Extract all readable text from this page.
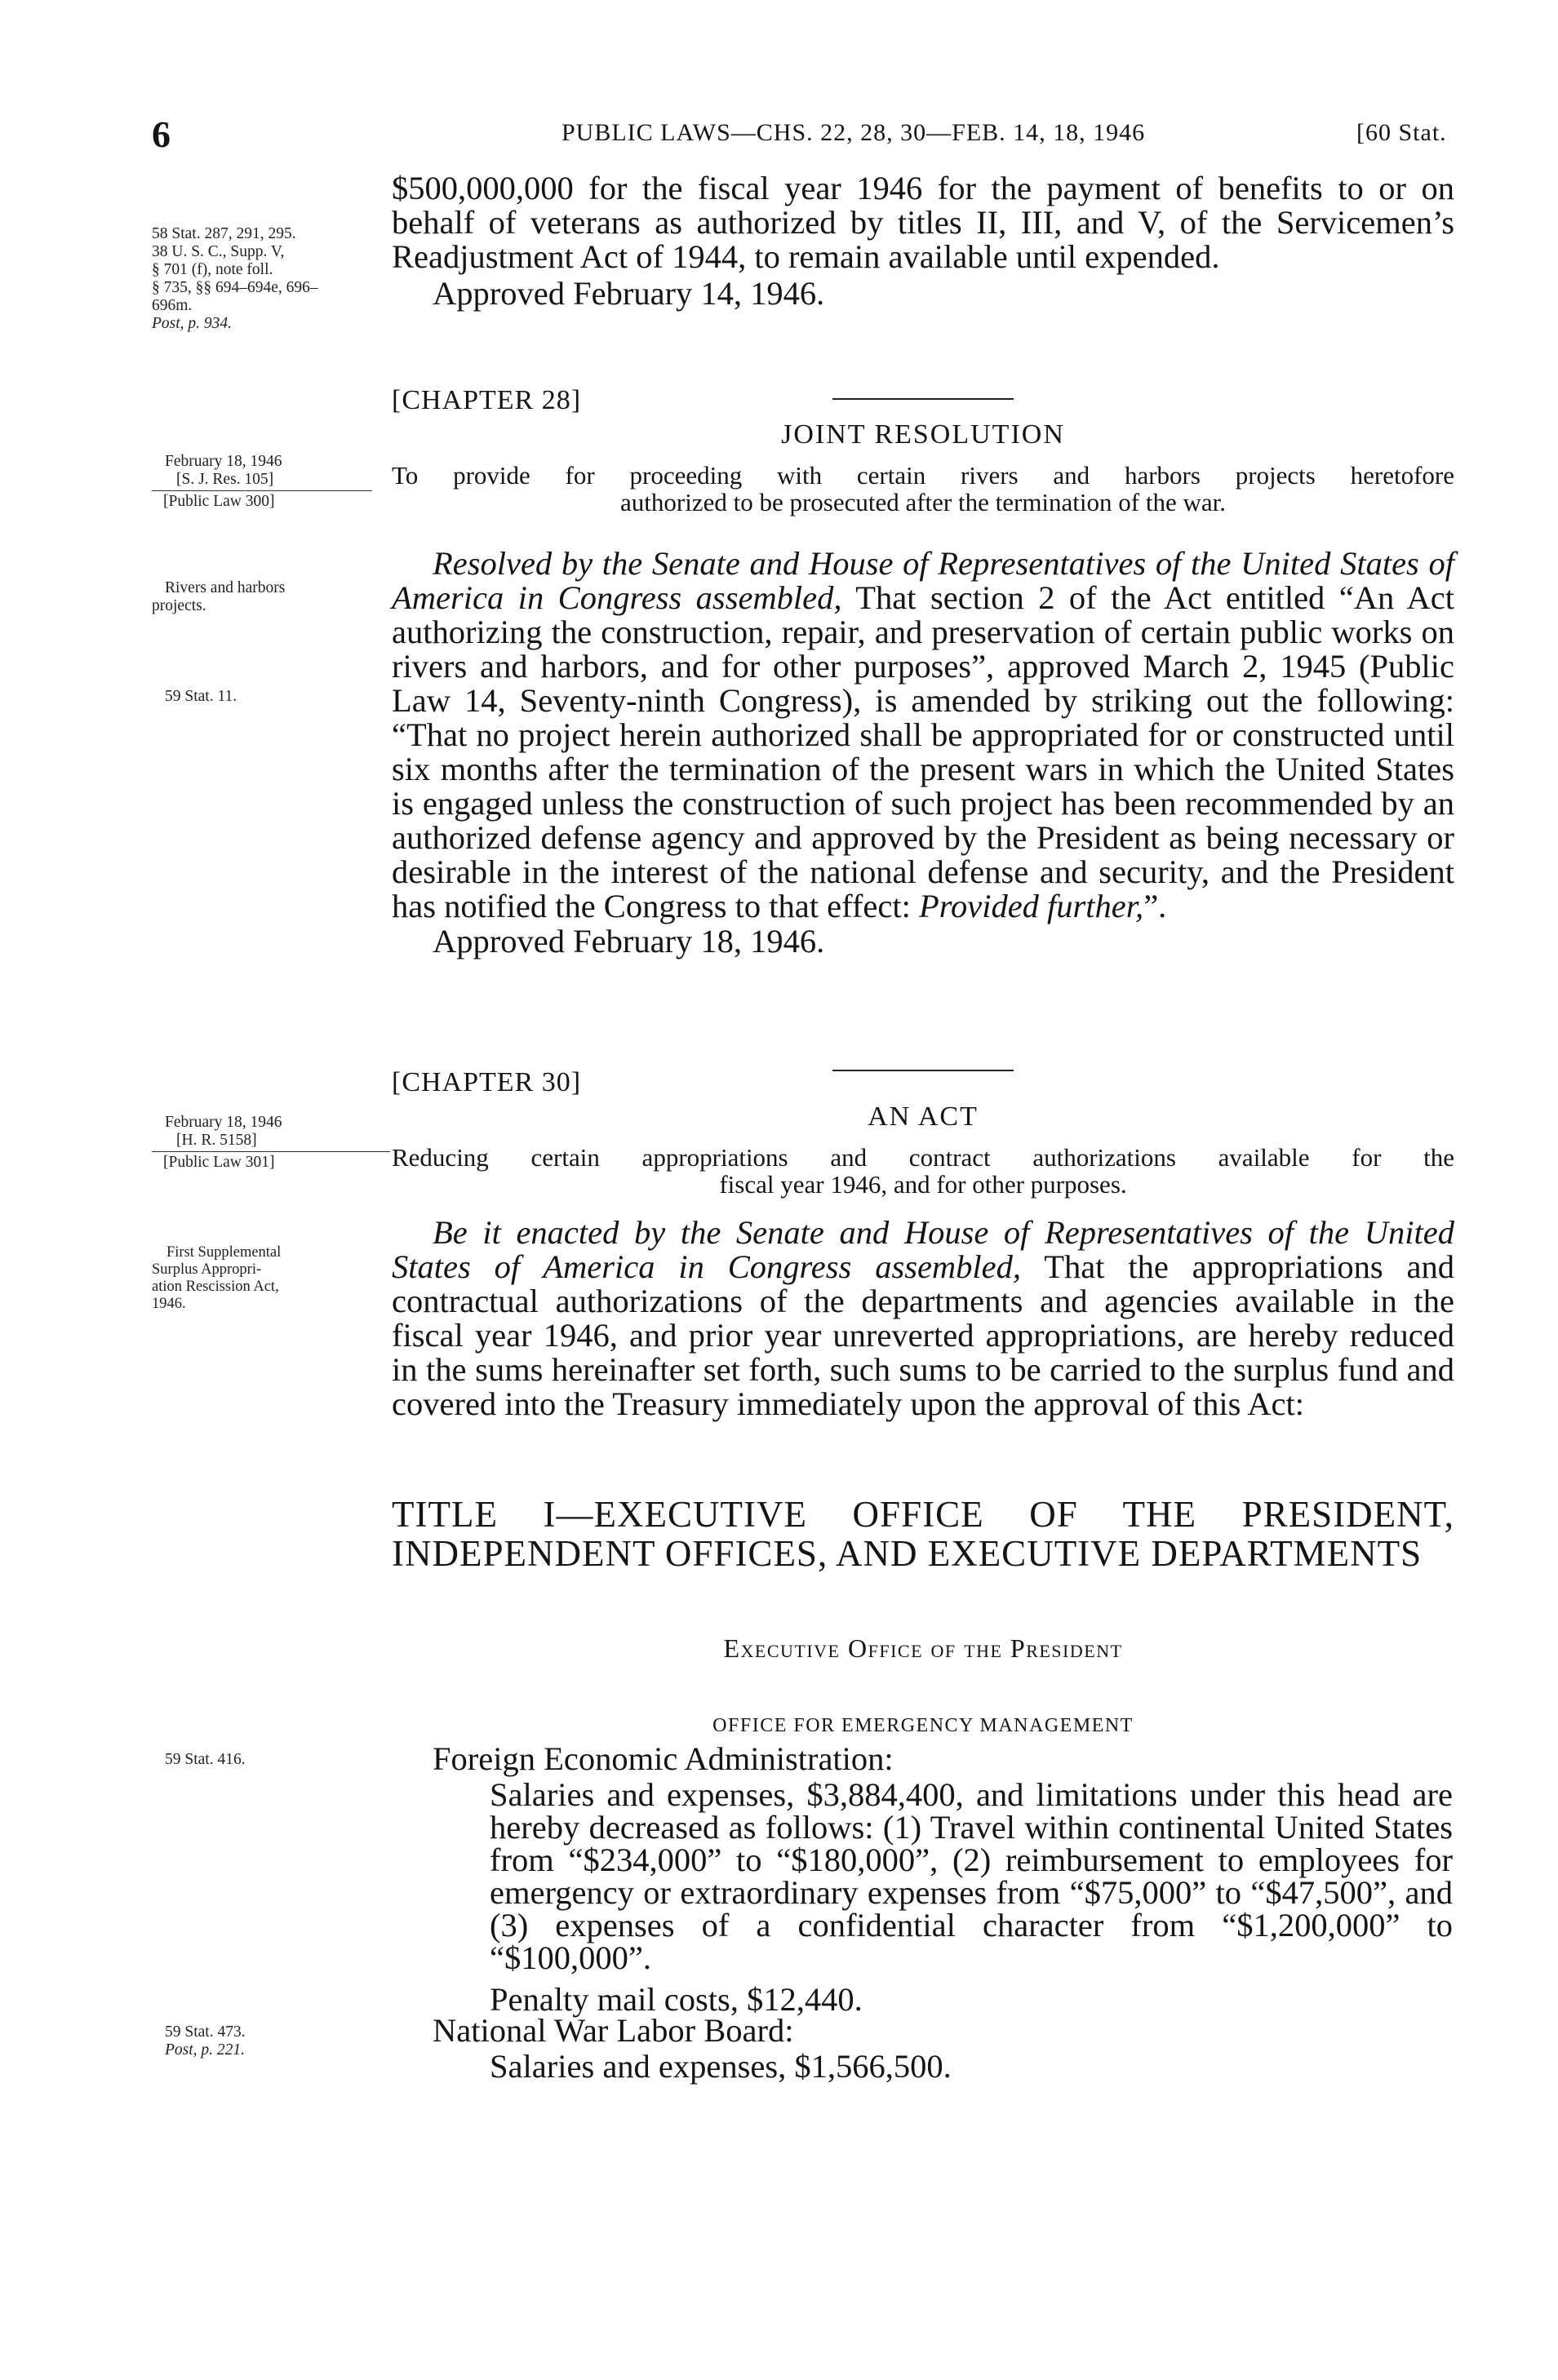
6	PUBLIC LAWS—CHS. 22, 28, 30—FEB. 14, 18, 1946	[60 Stat.
58 Stat. 287, 291, 295.
38 U. S. C., Supp. V,
§ 701 (f), note foll.
§ 735, §§ 694–694e, 696–
696m.
Post, p. 934.

$500,000,000 for the fiscal year 1946 for the payment of benefits to or on behalf of veterans as authorized by titles II, III, and V, of the Servicemen’s Readjustment Act of 1944, to remain available until expended.

Approved February 14, 1946.
[CHAPTER 28]
JOINT RESOLUTION
To provide for proceeding with certain rivers and harbors projects heretofore
authorized to be prosecuted after the termination of the war.
February 18, 1946
[S. J. Res. 105]
[Public Law 300]
Rivers and harbors
projects.
59 Stat. 11.

Resolved by the Senate and House of Representatives of the United States of America in Congress assembled, That section 2 of the Act entitled “An Act authorizing the construction, repair, and preservation of certain public works on rivers and harbors, and for other purposes”, approved March 2, 1945 (Public Law 14, Seventy-ninth Congress), is amended by striking out the following: “That no project herein authorized shall be appropriated for or constructed until six months after the termination of the present wars in which the United States is engaged unless the construction of such project has been recommended by an authorized defense agency and approved by the President as being necessary or desirable in the interest of the national defense and security, and the President has notified the Congress to that effect: Provided further,”.

Approved February 18, 1946.
[CHAPTER 30]
AN ACT
Reducing certain appropriations and contract authorizations available for the
fiscal year 1946, and for other purposes.
February 18, 1946
[H. R. 5158]
[Public Law 301]
First Supplemental
Surplus Appropri-
ation Rescission Act,
1946.

Be it enacted by the Senate and House of Representatives of the United States of America in Congress assembled, That the appropriations and contractual authorizations of the departments and agencies available in the fiscal year 1946, and prior year unreverted appropriations, are hereby reduced in the sums hereinafter set forth, such sums to be carried to the surplus fund and covered into the Treasury immediately upon the approval of this Act:

TITLE I—EXECUTIVE OFFICE OF THE PRESIDENT, INDEPENDENT OFFICES, AND EXECUTIVE DEPARTMENTS
Executive Office of the President
OFFICE FOR EMERGENCY MANAGEMENT
59 Stat. 416.	Foreign Economic Administration:
Salaries and expenses, $3,884,400, and limitations under this head are hereby decreased as follows: (1) Travel within continental United States from “$234,000” to “$180,000”, (2) reimbursement to employees for emergency or extraordinary expenses from “$75,000” to “$47,500”, and (3) expenses of a confidential character from “$1,200,000” to “$100,000”.
Penalty mail costs, $12,440.
59 Stat. 473.
Post, p. 221.
National War Labor Board:
Salaries and expenses, $1,566,500.
